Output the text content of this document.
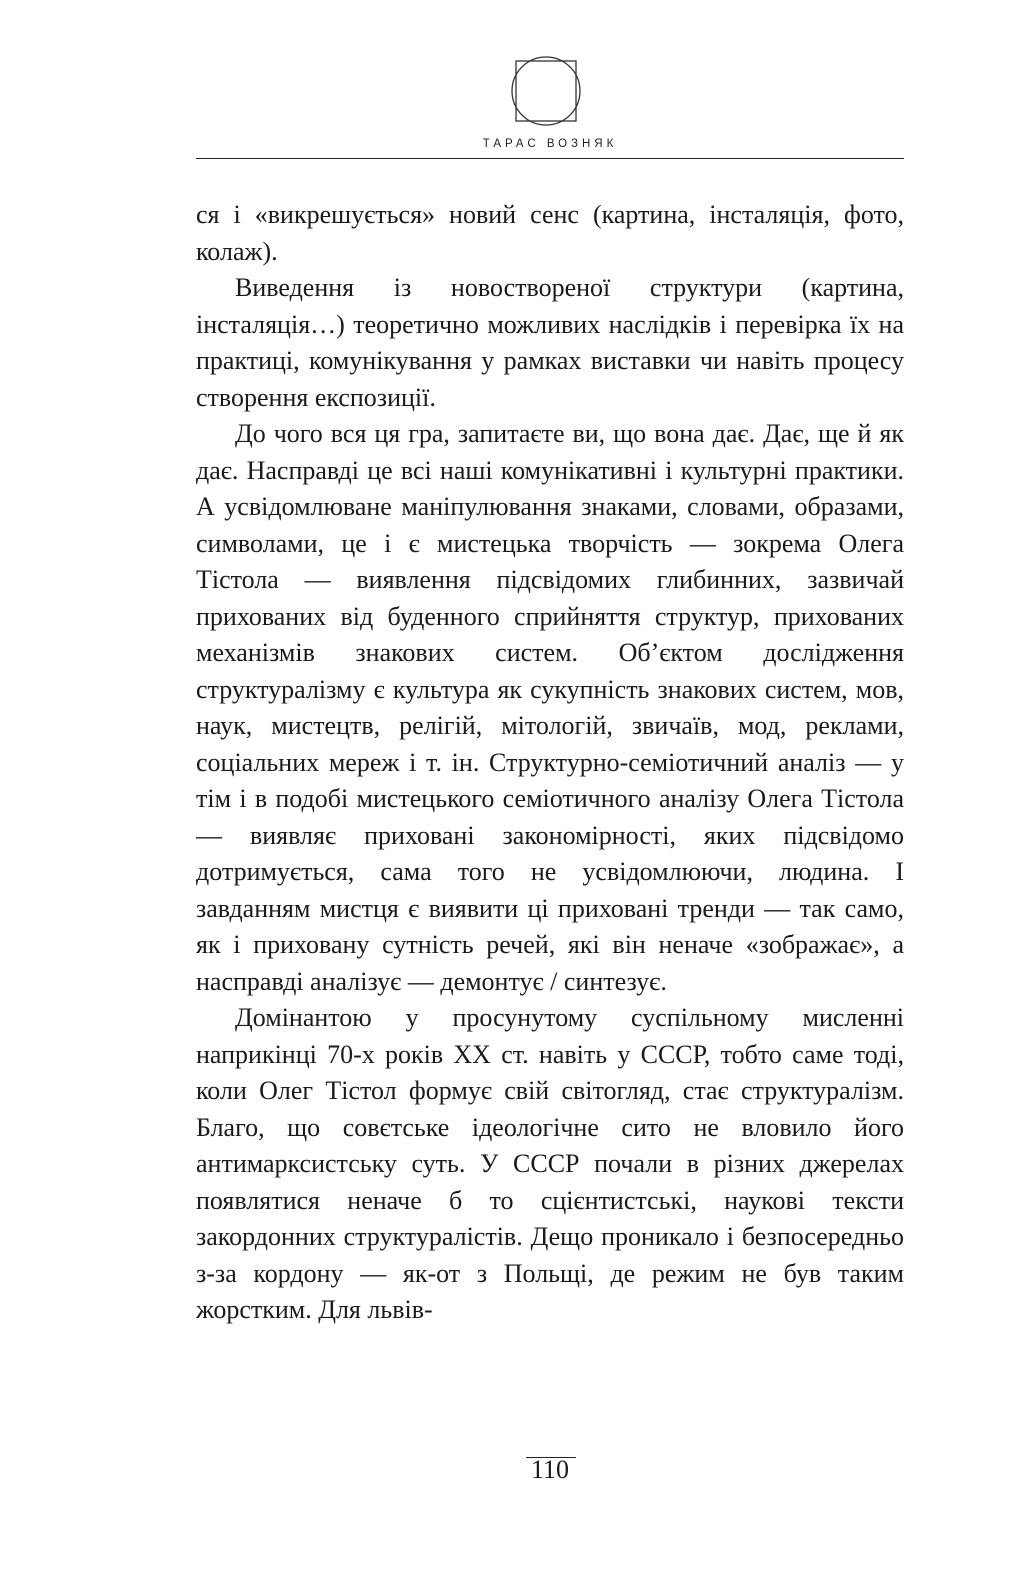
ТАРАС ВОЗНЯК

ся і «викрешується» новий сенс (картина, інсталяція, фото, колаж).

Виведення із новоствореної структури (картина, інсталяція…) теоретично можливих наслідків і перевірка їх на практиці, комунікування у рамках виставки чи навіть процесу створення експозиції.

До чого вся ця гра, запитаєте ви, що вона дає. Дає, ще й як дає. Насправді це всі наші комунікативні і культурні практики. А усвідомлюване маніпулювання знаками, словами, образами, символами, це і є мистецька творчість — зокрема Олега Тістола — виявлення підсвідомих глибинних, зазвичай прихованих від буденного сприйняття структур, прихованих механізмів знакових систем. Об’єктом дослідження структуралізму є культура як сукупність знакових систем, мов, наук, мистецтв, релігій, мітологій, звичаїв, мод, реклами, соціальних мереж і т. ін. Структурно-семіотичний аналіз — у тім і в подобі мистецького семіотичного аналізу Олега Тістола — виявляє приховані закономірності, яких підсвідомо дотримується, сама того не усвідомлюючи, людина. І завданням мистця є виявити ці приховані тренди — так само, як і приховану сутність речей, які він неначе «зображає», а насправді аналізує — демонтує / синтезує.

Домінантою у просунутому суспільному мисленні наприкінці 70-х років XX ст. навіть у СССР, тобто саме тоді, коли Олег Тістол формує свій світогляд, стає структуралізм. Благо, що совєтське ідеологічне сито не вловило його антимарксистську суть. У СССР почали в різних джерелах появлятися неначе б то сцієнтистські, наукові тексти закордонних структуралістів. Дещо проникало і безпосередньо з-за кордону — як-от з Польщі, де режим не був таким жорстким. Для львів-

110
